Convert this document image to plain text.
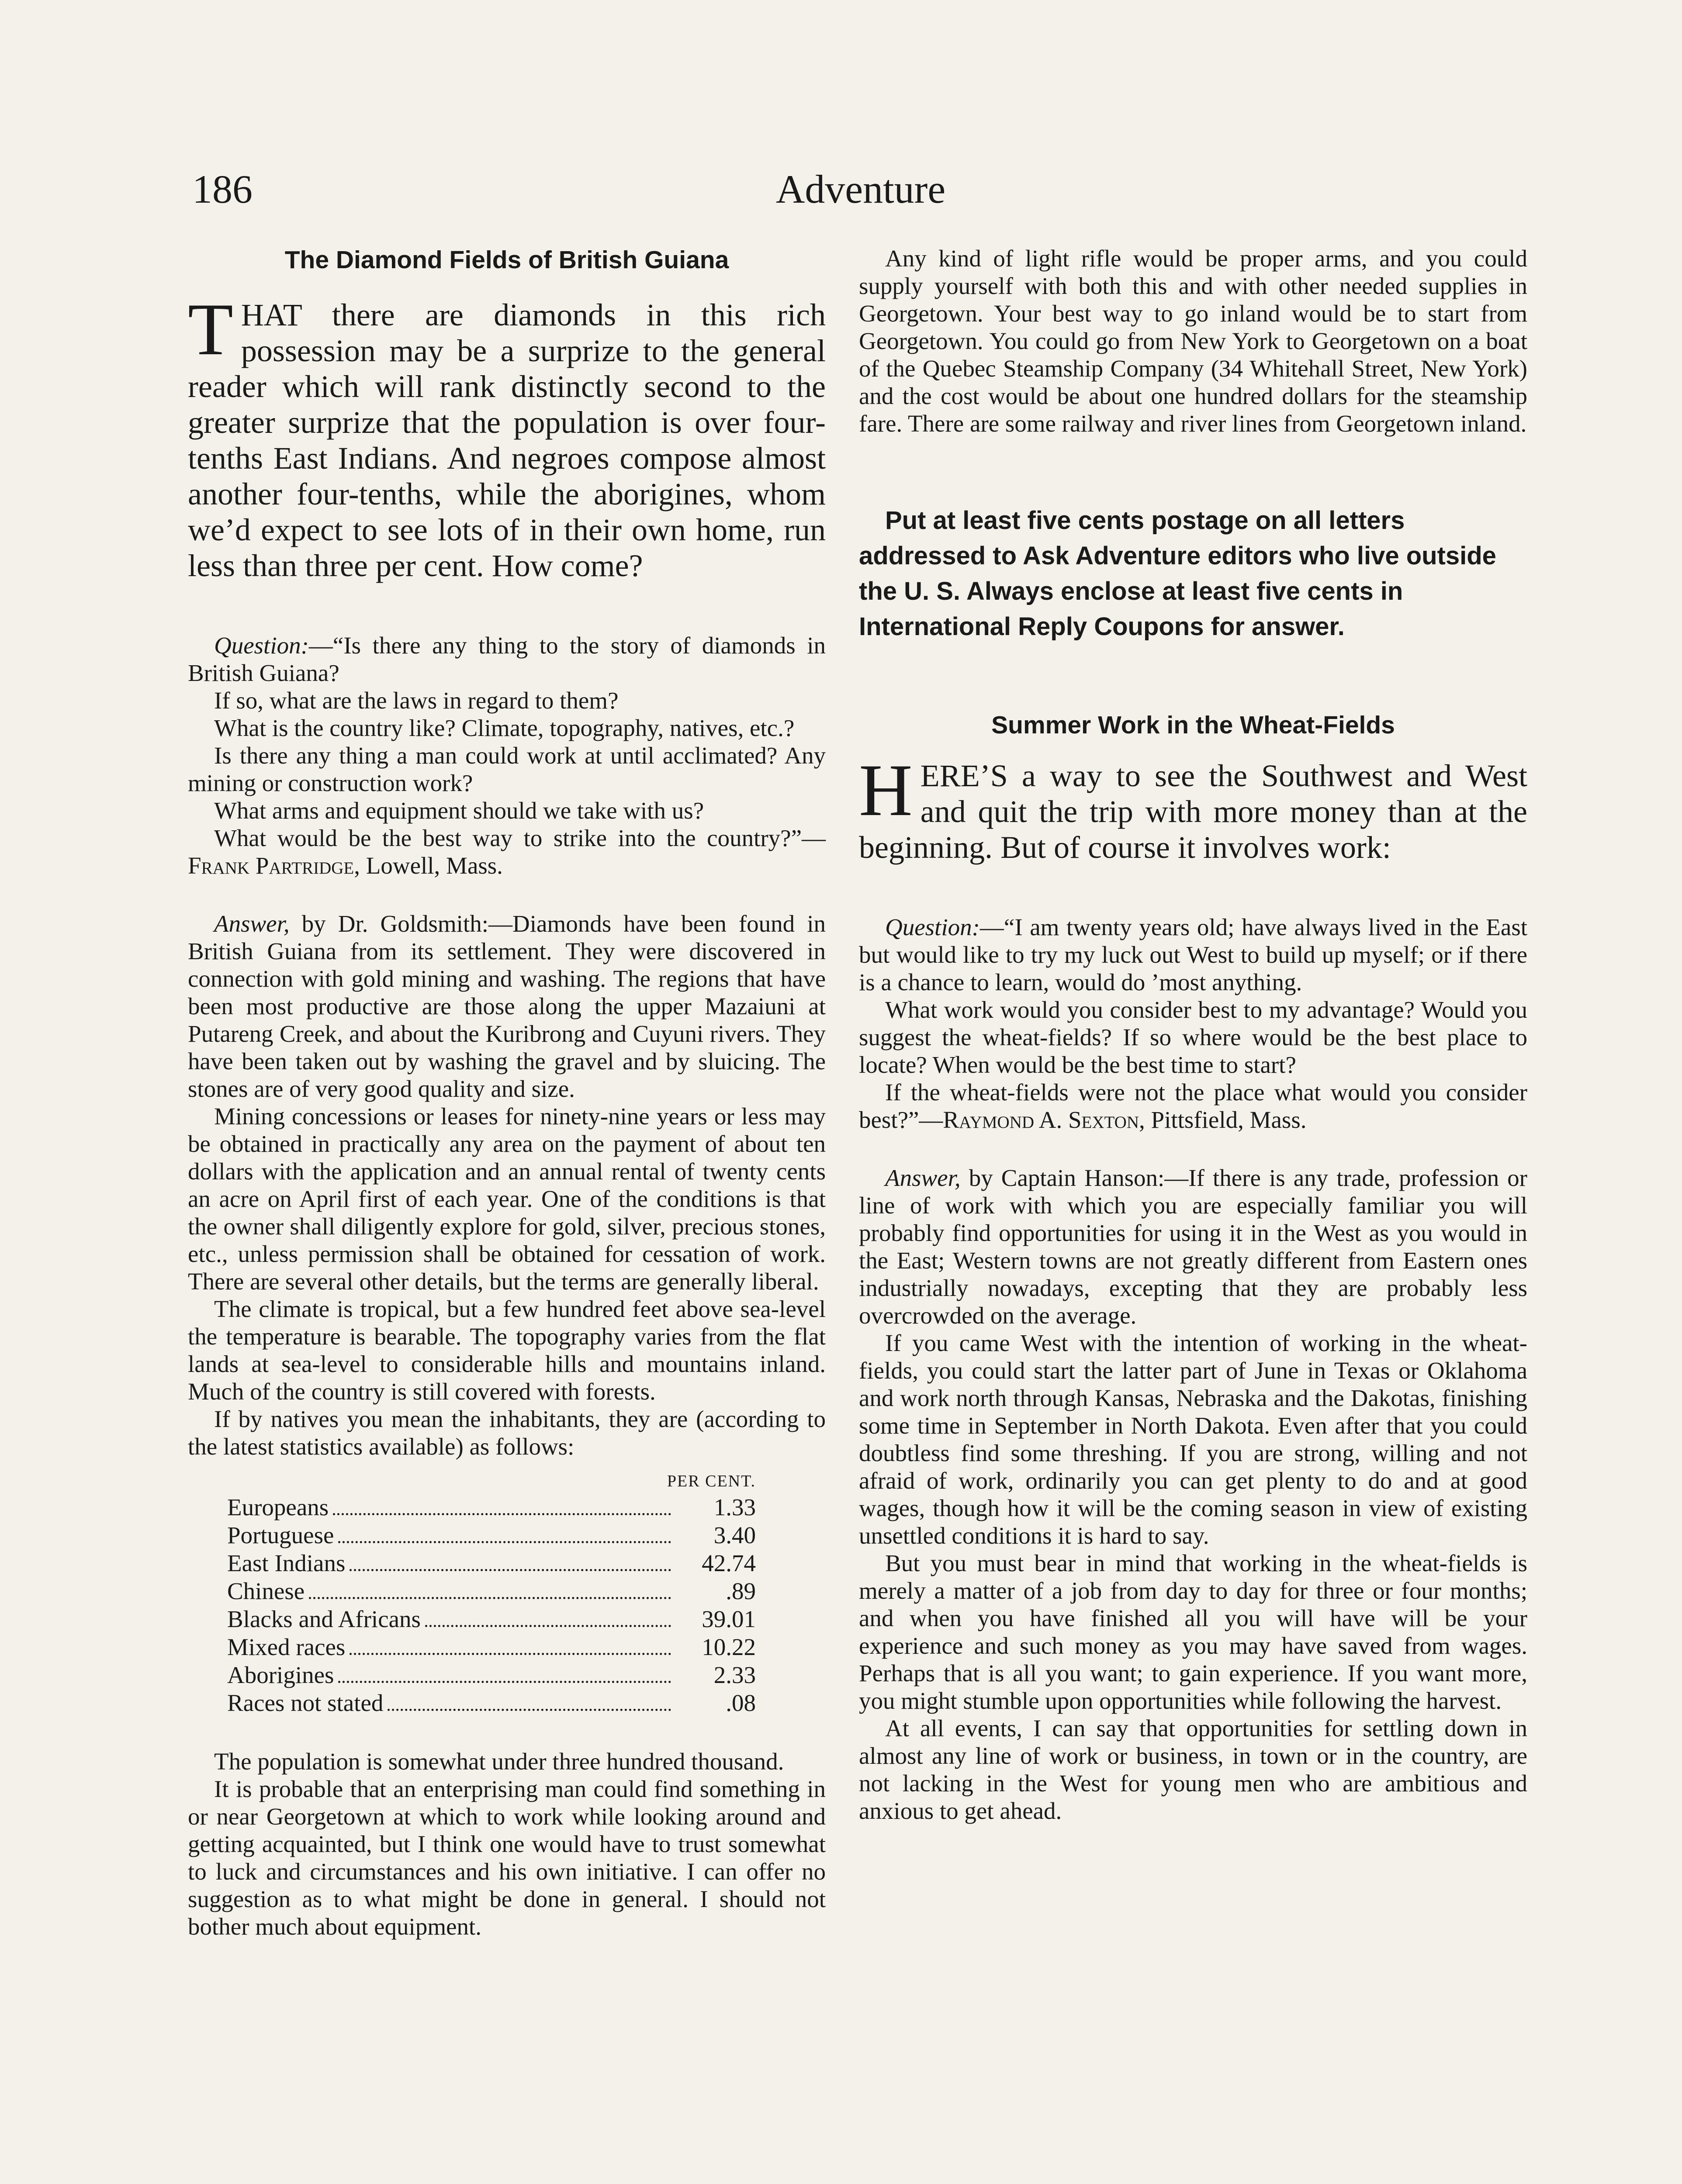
186	Adventure
The Diamond Fields of British Guiana

THAT there are diamonds in this rich possession may be a surprize to the general reader which will rank distinctly second to the greater surprize that the population is over four-tenths East Indians. And negroes compose almost another four-tenths, while the aborigines, whom we’d expect to see lots of in their own home, run less than three per cent. How come?

Question:—“Is there any thing to the story of diamonds in British Guiana?

If so, what are the laws in regard to them?

What is the country like? Climate, topography, natives, etc.?

Is there any thing a man could work at until acclimated? Any mining or construction work?

What arms and equipment should we take with us?

What would be the best way to strike into the country?”—Frank Partridge, Lowell, Mass.

Answer, by Dr. Goldsmith:—Diamonds have been found in British Guiana from its settlement. They were discovered in connection with gold mining and washing. The regions that have been most productive are those along the upper Mazaiuni at Putareng Creek, and about the Kuribrong and Cuyuni rivers. They have been taken out by washing the gravel and by sluicing. The stones are of very good quality and size.

Mining concessions or leases for ninety-nine years or less may be obtained in practically any area on the payment of about ten dollars with the application and an annual rental of twenty cents an acre on April first of each year. One of the conditions is that the owner shall diligently explore for gold, silver, precious stones, etc., unless permission shall be obtained for cessation of work. There are several other details, but the terms are generally liberal.

The climate is tropical, but a few hundred feet above sea-level the temperature is bearable. The topography varies from the flat lands at sea-level to considerable hills and mountains inland. Much of the country is still covered with forests.

If by natives you mean the inhabitants, they are (according to the latest statistics available) as follows:

PER CENT.
Europeans	1.33
Portuguese	3.40
East Indians	42.74
Chinese	.89
Blacks and Africans	39.01
Mixed races	10.22
Aborigines	2.33
Races not stated	.08

The population is somewhat under three hundred thousand.

It is probable that an enterprising man could find something in or near Georgetown at which to work while looking around and getting acquainted, but I think one would have to trust somewhat to luck and circumstances and his own initiative. I can offer no suggestion as to what might be done in general. I should not bother much about equipment.

Any kind of light rifle would be proper arms, and you could supply yourself with both this and with other needed supplies in Georgetown. Your best way to go inland would be to start from Georgetown. You could go from New York to Georgetown on a boat of the Quebec Steamship Company (34 Whitehall Street, New York) and the cost would be about one hundred dollars for the steamship fare. There are some railway and river lines from Georgetown inland.

Put at least five cents postage on all letters addressed to Ask Adventure editors who live outside the U. S. Always enclose at least five cents in International Reply Coupons for answer.

Summer Work in the Wheat-Fields

HERE’S a way to see the Southwest and West and quit the trip with more money than at the beginning. But of course it involves work:

Question:—“I am twenty years old; have always lived in the East but would like to try my luck out West to build up myself; or if there is a chance to learn, would do ’most anything.

What work would you consider best to my advantage? Would you suggest the wheat-fields? If so where would be the best place to locate? When would be the best time to start?

If the wheat-fields were not the place what would you consider best?”—Raymond A. Sexton, Pittsfield, Mass.

Answer, by Captain Hanson:—If there is any trade, profession or line of work with which you are especially familiar you will probably find opportunities for using it in the West as you would in the East; Western towns are not greatly different from Eastern ones industrially nowadays, excepting that they are probably less overcrowded on the average.

If you came West with the intention of working in the wheat-fields, you could start the latter part of June in Texas or Oklahoma and work north through Kansas, Nebraska and the Dakotas, finishing some time in September in North Dakota. Even after that you could doubtless find some threshing. If you are strong, willing and not afraid of work, ordinarily you can get plenty to do and at good wages, though how it will be the coming season in view of existing unsettled conditions it is hard to say.

But you must bear in mind that working in the wheat-fields is merely a matter of a job from day to day for three or four months; and when you have finished all you will have will be your experience and such money as you may have saved from wages. Perhaps that is all you want; to gain experience. If you want more, you might stumble upon opportunities while following the harvest.

At all events, I can say that opportunities for settling down in almost any line of work or business, in town or in the country, are not lacking in the West for young men who are ambitious and anxious to get ahead.
